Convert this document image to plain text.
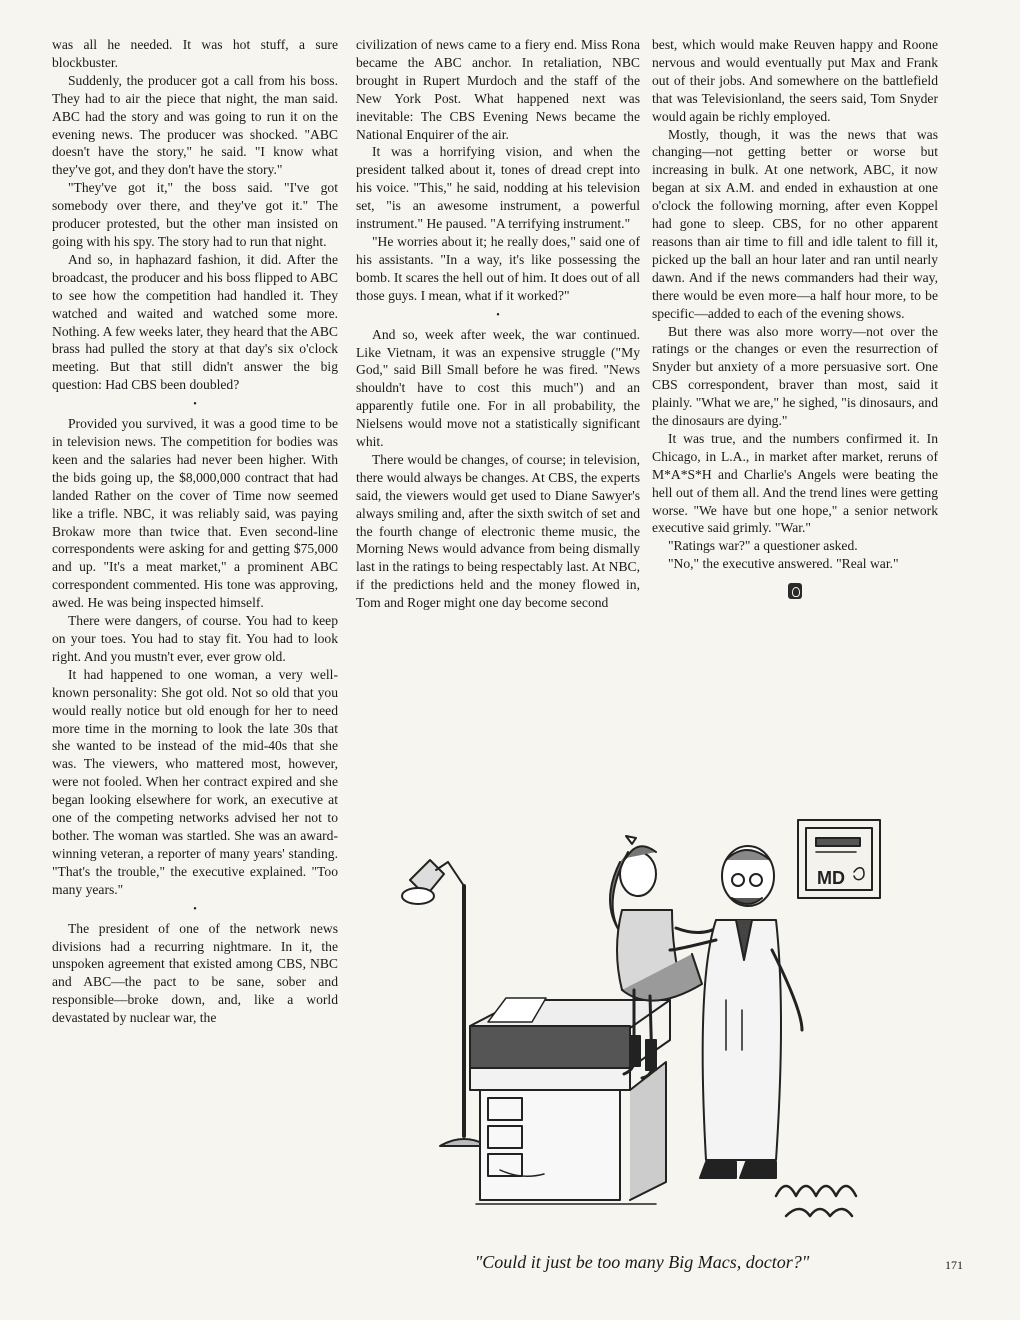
was all he needed. It was hot stuff, a sure blockbuster.

Suddenly, the producer got a call from his boss. They had to air the piece that night, the man said. ABC had the story and was going to run it on the evening news. The producer was shocked. "ABC doesn't have the story," he said. "I know what they've got, and they don't have the story."

"They've got it," the boss said. "I've got somebody over there, and they've got it." The producer protested, but the other man insisted on going with his spy. The story had to run that night.

And so, in haphazard fashion, it did. After the broadcast, the producer and his boss flipped to ABC to see how the competition had handled it. They watched and waited and watched some more. Nothing. A few weeks later, they heard that the ABC brass had pulled the story at that day's six o'clock meeting. But that still didn't answer the big question: Had CBS been doubled?

•

Provided you survived, it was a good time to be in television news. The competition for bodies was keen and the salaries had never been higher. With the bids going up, the $8,000,000 contract that had landed Rather on the cover of Time now seemed like a trifle. NBC, it was reliably said, was paying Brokaw more than twice that. Even second-line correspondents were asking for and getting $75,000 and up. "It's a meat market," a prominent ABC correspondent commented. His tone was approving, awed. He was being inspected himself.

There were dangers, of course. You had to keep on your toes. You had to stay fit. You had to look right. And you mustn't ever, ever grow old.

It had happened to one woman, a very well-known personality: She got old. Not so old that you would really notice but old enough for her to need more time in the morning to look the late 30s that she wanted to be instead of the mid-40s that she was. The viewers, who mattered most, however, were not fooled. When her contract expired and she began looking elsewhere for work, an executive at one of the competing networks advised her not to bother. The woman was startled. She was an award-winning veteran, a reporter of many years' standing. "That's the trouble," the executive explained. "Too many years."

•

The president of one of the network news divisions had a recurring nightmare. In it, the unspoken agreement that existed among CBS, NBC and ABC—the pact to be sane, sober and responsible—broke down, and, like a world devastated by nuclear war, the

civilization of news came to a fiery end. Miss Rona became the ABC anchor. In retaliation, NBC brought in Rupert Murdoch and the staff of the New York Post. What happened next was inevitable: The CBS Evening News became the National Enquirer of the air.

It was a horrifying vision, and when the president talked about it, tones of dread crept into his voice. "This," he said, nodding at his television set, "is an awesome instrument, a powerful instrument." He paused. "A terrifying instrument."

"He worries about it; he really does," said one of his assistants. "In a way, it's like possessing the bomb. It scares the hell out of him. It does out of all those guys. I mean, what if it worked?"

•

And so, week after week, the war continued. Like Vietnam, it was an expensive struggle ("My God," said Bill Small before he was fired. "News shouldn't have to cost this much") and an apparently futile one. For in all probability, the Nielsens would move not a statistically significant whit.

There would be changes, of course; in television, there would always be changes. At CBS, the experts said, the viewers would get used to Diane Sawyer's always smiling and, after the sixth switch of set and the fourth change of electronic theme music, the Morning News would advance from being dismally last in the ratings to being respectably last. At NBC, if the predictions held and the money flowed in, Tom and Roger might one day become second

best, which would make Reuven happy and Roone nervous and would eventually put Max and Frank out of their jobs. And somewhere on the battlefield that was Televisionland, the seers said, Tom Snyder would again be richly employed.

Mostly, though, it was the news that was changing—not getting better or worse but increasing in bulk. At one network, ABC, it now began at six A.M. and ended in exhaustion at one o'clock the following morning, after even Koppel had gone to sleep. CBS, for no other apparent reasons than air time to fill and idle talent to fill it, picked up the ball an hour later and ran until nearly dawn. And if the news commanders had their way, there would be even more—a half hour more, to be specific—added to each of the evening shows.

But there was also more worry—not over the ratings or the changes or even the resurrection of Snyder but anxiety of a more persuasive sort. One CBS correspondent, braver than most, said it plainly. "What we are," he sighed, "is dinosaurs, and the dinosaurs are dying."

It was true, and the numbers confirmed it. In Chicago, in L.A., in market after market, reruns of M*A*S*H and Charlie's Angels were beating the hell out of them all. And the trend lines were getting worse. "We have but one hope," a senior network executive said grimly. "War."

"Ratings war?" a questioner asked.

"No," the executive answered. "Real war."

MD
"Could it just be too many Big Macs, doctor?"	171
